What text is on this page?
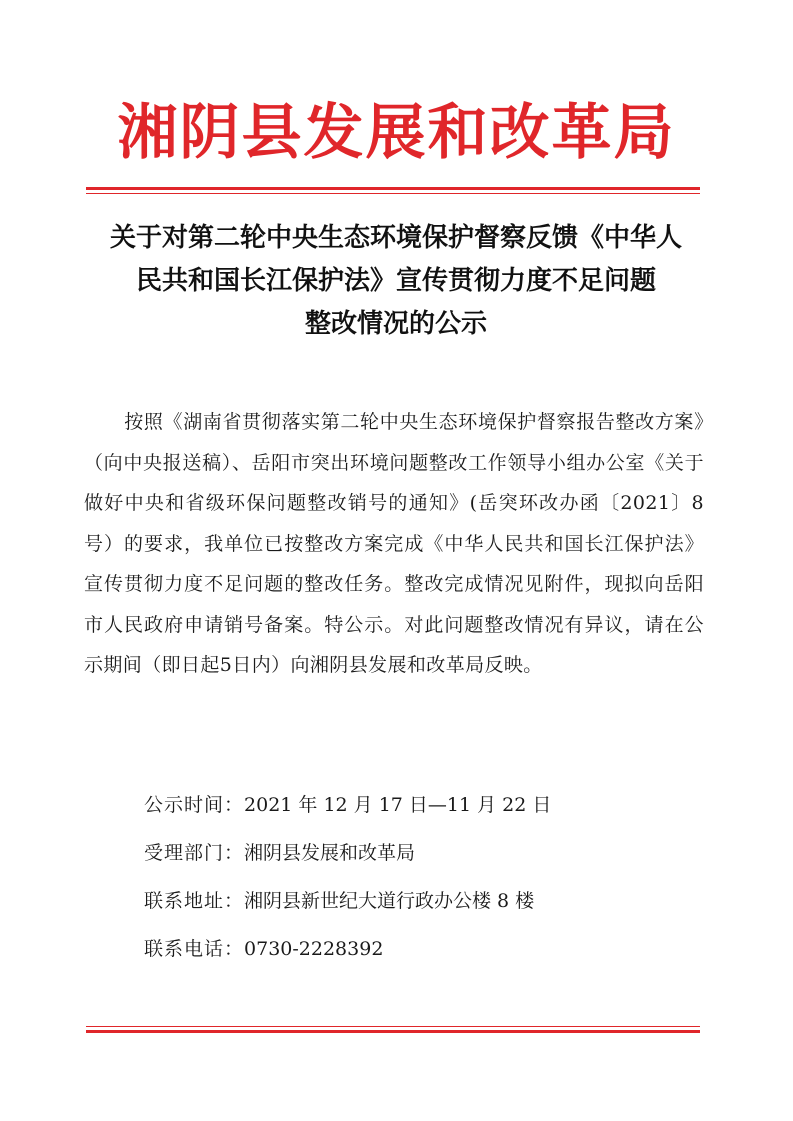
湘阴县发展和改革局
关于对第二轮中央生态环境保护督察反馈《中华人
民共和国长江保护法》宣传贯彻力度不足问题
整改情况的公示
按照《湖南省贯彻落实第二轮中央生态环境保护督察报告整改方案》（向中央报送稿）、岳阳市突出环境问题整改工作领导小组办公室《关于做好中央和省级环保问题整改销号的通知》(岳突环改办函〔2021〕8号）的要求，我单位已按整改方案完成《中华人民共和国长江保护法》宣传贯彻力度不足问题的整改任务。整改完成情况见附件，现拟向岳阳市人民政府申请销号备案。特公示。对此问题整改情况有异议，请在公示期间（即日起5日内）向湘阴县发展和改革局反映。
公示时间：2021 年 12 月 17 日—11 月 22 日
受理部门：湘阴县发展和改革局
联系地址：湘阴县新世纪大道行政办公楼 8 楼
联系电话：0730-2228392
